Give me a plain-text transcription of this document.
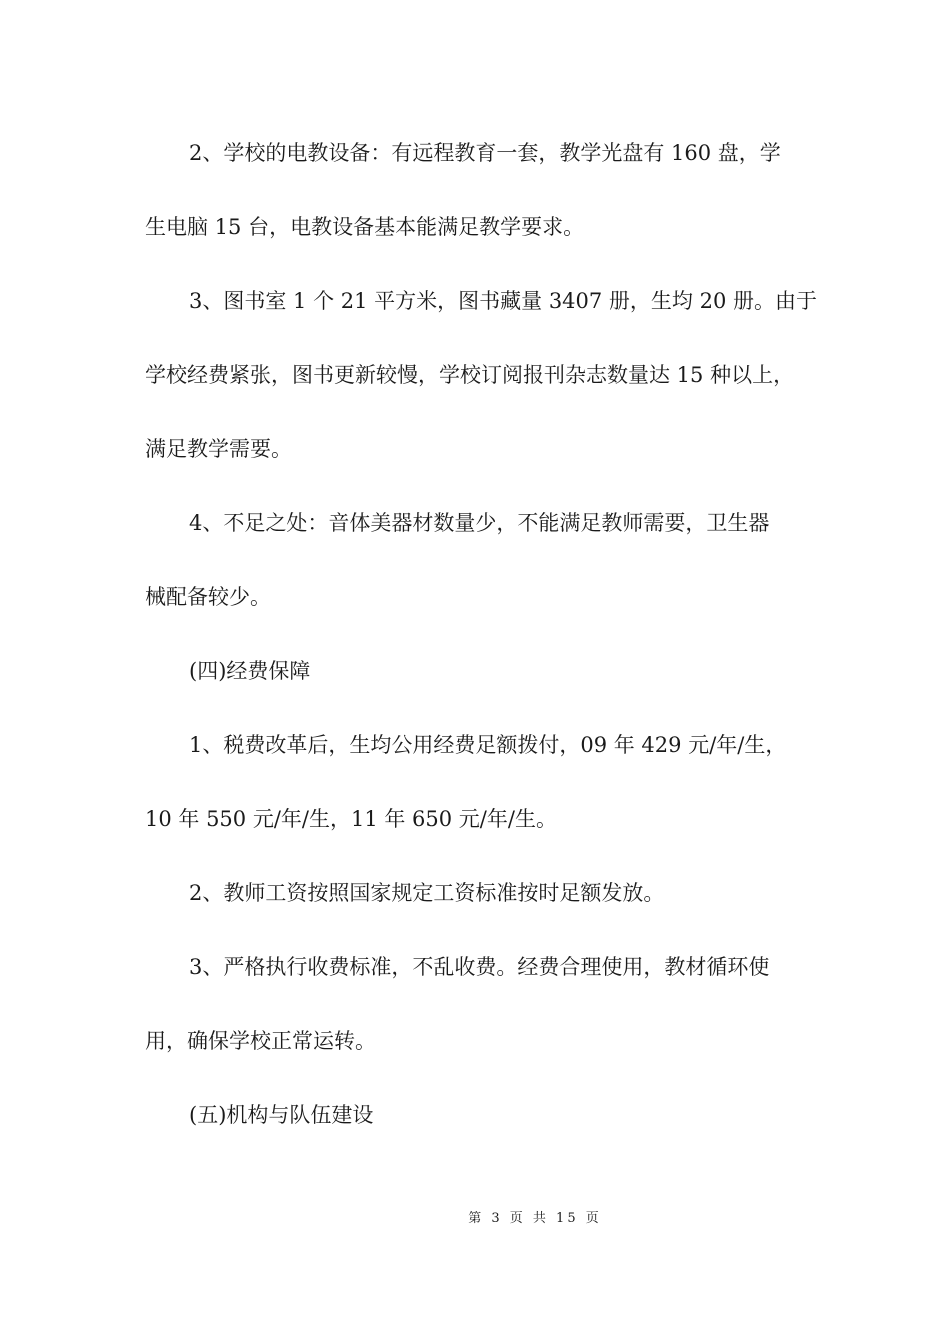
2、学校的电教设备：有远程教育一套，教学光盘有 160 盘，学

生电脑 15 台，电教设备基本能满足教学要求。

3、图书室 1 个 21 平方米，图书藏量 3407 册，生均 20 册。由于

学校经费紧张，图书更新较慢，学校订阅报刊杂志数量达 15 种以上，

满足教学需要。

4、不足之处：音体美器材数量少，不能满足教师需要，卫生器

械配备较少。

(四)经费保障

1、税费改革后，生均公用经费足额拨付，09 年 429 元/年/生，

10 年 550 元/年/生，11 年 650 元/年/生。

2、教师工资按照国家规定工资标准按时足额发放。

3、严格执行收费标准，不乱收费。经费合理使用，教材循环使

用，确保学校正常运转。

(五)机构与队伍建设

第 3 页 共 15 页
